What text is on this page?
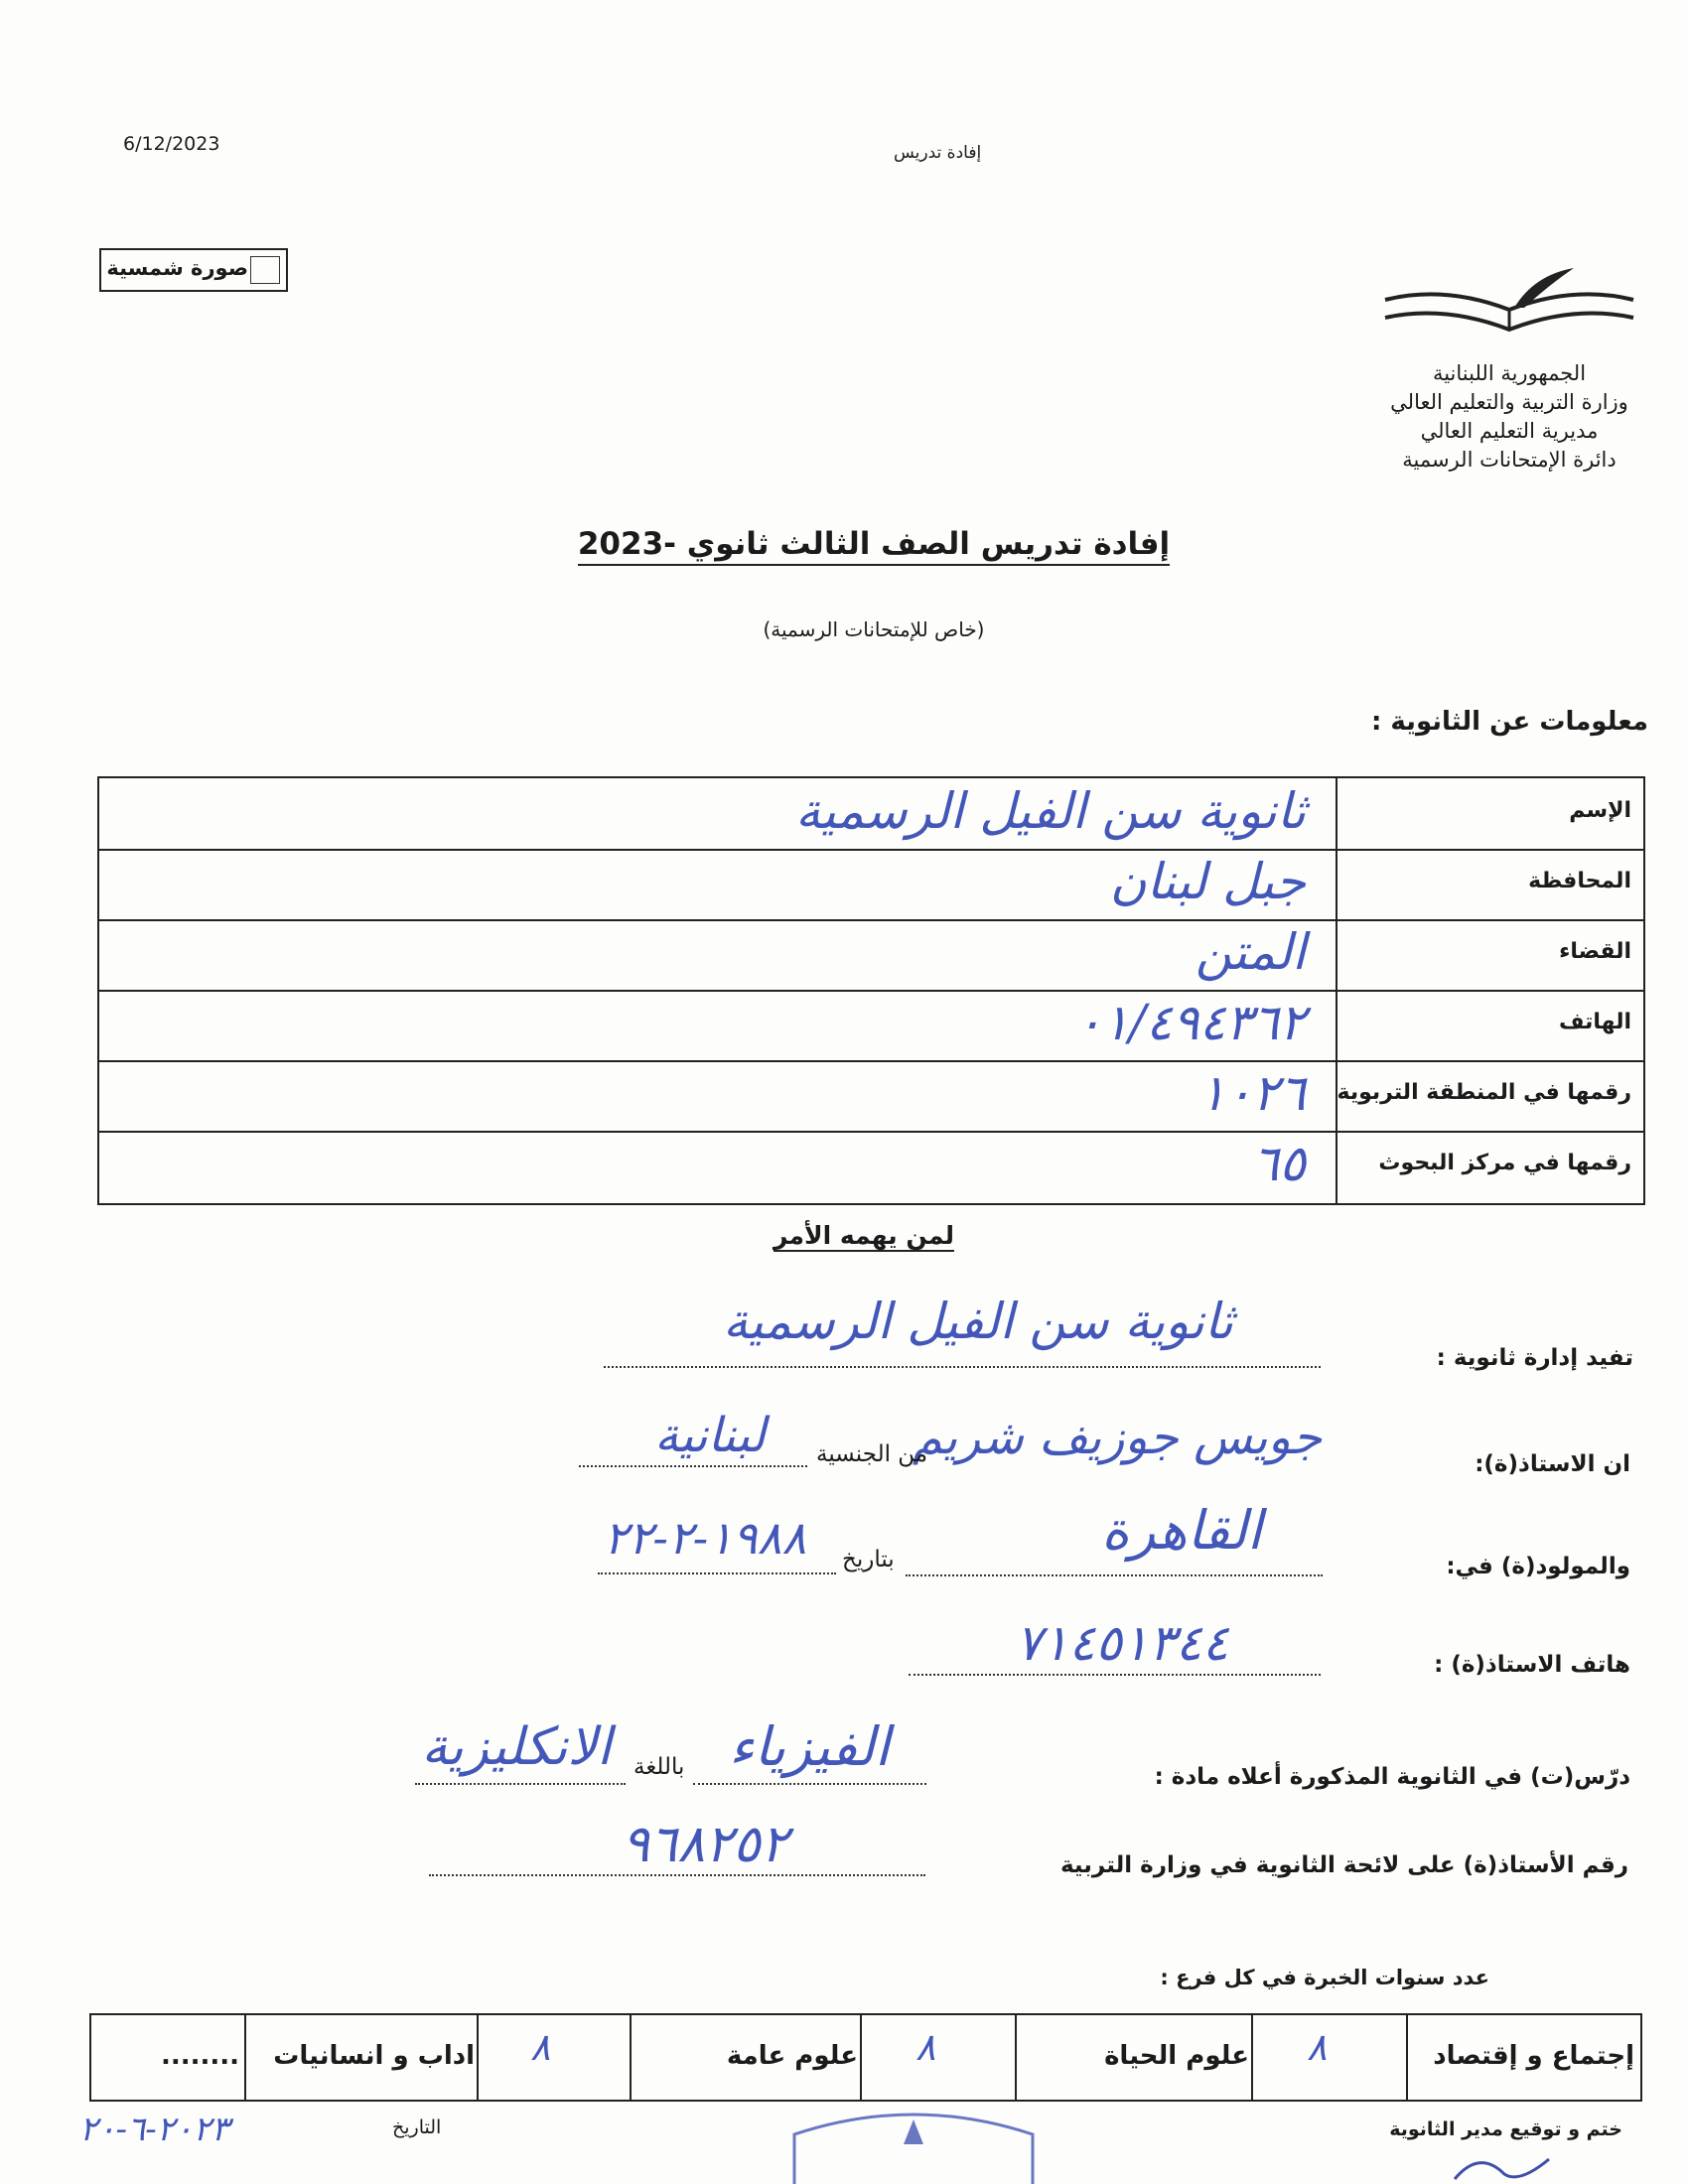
6/12/2023	إفادة تدريس
صورة شمسية
الجمهورية اللبنانية
وزارة التربية والتعليم العالي
مديرية التعليم العالي
دائرة الإمتحانات الرسمية
إفادة تدريس الصف الثالث ثانوي -2023
(خاص للإمتحانات الرسمية)
معلومات عن الثانوية :
الإسم
ثانوية سن الفيل الرسمية
المحافظة
جبل لبنان
القضاء
المتن
الهاتف
٠١/٤٩٤٣٦٢
رقمها في المنطقة التربوية
١٠٢٦
رقمها في مركز البحوث
٦٥
لمن يهمه الأمر
تفيد إدارة ثانوية :
ثانوية سن الفيل الرسمية
ان الاستاذ(ة):
جويس جوزيف شريم
من الجنسية
لبنانية
والمولود(ة) في:
القاهرة
بتاريخ
١٩٨٨-٢-٢٢
هاتف الاستاذ(ة) :
٧١٤٥١٣٤٤
درّس(ت) في الثانوية المذكورة أعلاه مادة :
الفيزياء
باللغة
الانكليزية
رقم الأستاذ(ة) على لائحة الثانوية في وزارة التربية
٩٦٨٢٥٢
عدد سنوات الخبرة في كل فرع :
إجتماع و إقتصاد
٨
علوم الحياة
٨
علوم عامة
٨
اداب و انسانيات
........
ختم و توقيع مدير الثانوية
التاريخ
٢٠٢٣-٦-٢٠
